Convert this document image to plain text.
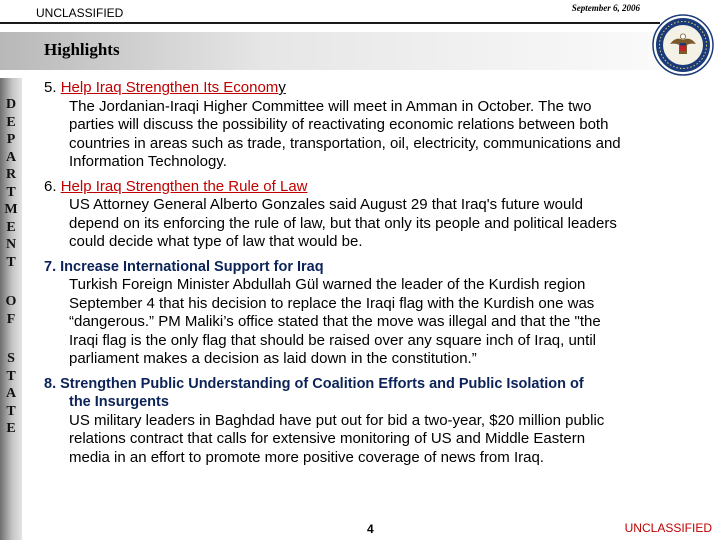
UNCLASSIFIED	September 6, 2006
Highlights
D
E
P
A
R
T
M
E
N
T
O
F
S
T
A
T
E
5. Help Iraq Strengthen Its Economy
The Jordanian-Iraqi Higher Committee will meet in Amman in October. The two
parties will discuss the possibility of reactivating economic relations between both
countries in areas such as trade, transportation, oil, electricity, communications and
Information Technology.
6. Help Iraq Strengthen the Rule of Law
US Attorney General Alberto Gonzales said August 29 that Iraq's future would
depend on its enforcing the rule of law, but that only its people and political leaders
could decide what type of law that would be.
7. Increase International Support for Iraq
Turkish Foreign Minister Abdullah Gül warned the leader of the Kurdish region
September 4 that his decision to replace the Iraqi flag with the Kurdish one was
“dangerous.” PM Maliki’s office stated that the move was illegal and that the "the
Iraqi flag is the only flag that should be raised over any square inch of Iraq, until
parliament makes a decision as laid down in the constitution.”
8. Strengthen Public Understanding of Coalition Efforts and Public Isolation of
the Insurgents
US military leaders in Baghdad have put out for bid a two-year, $20 million public
relations contract that calls for extensive monitoring of US and Middle Eastern
media in an effort to promote more positive coverage of news from Iraq.
4	UNCLASSIFIED
